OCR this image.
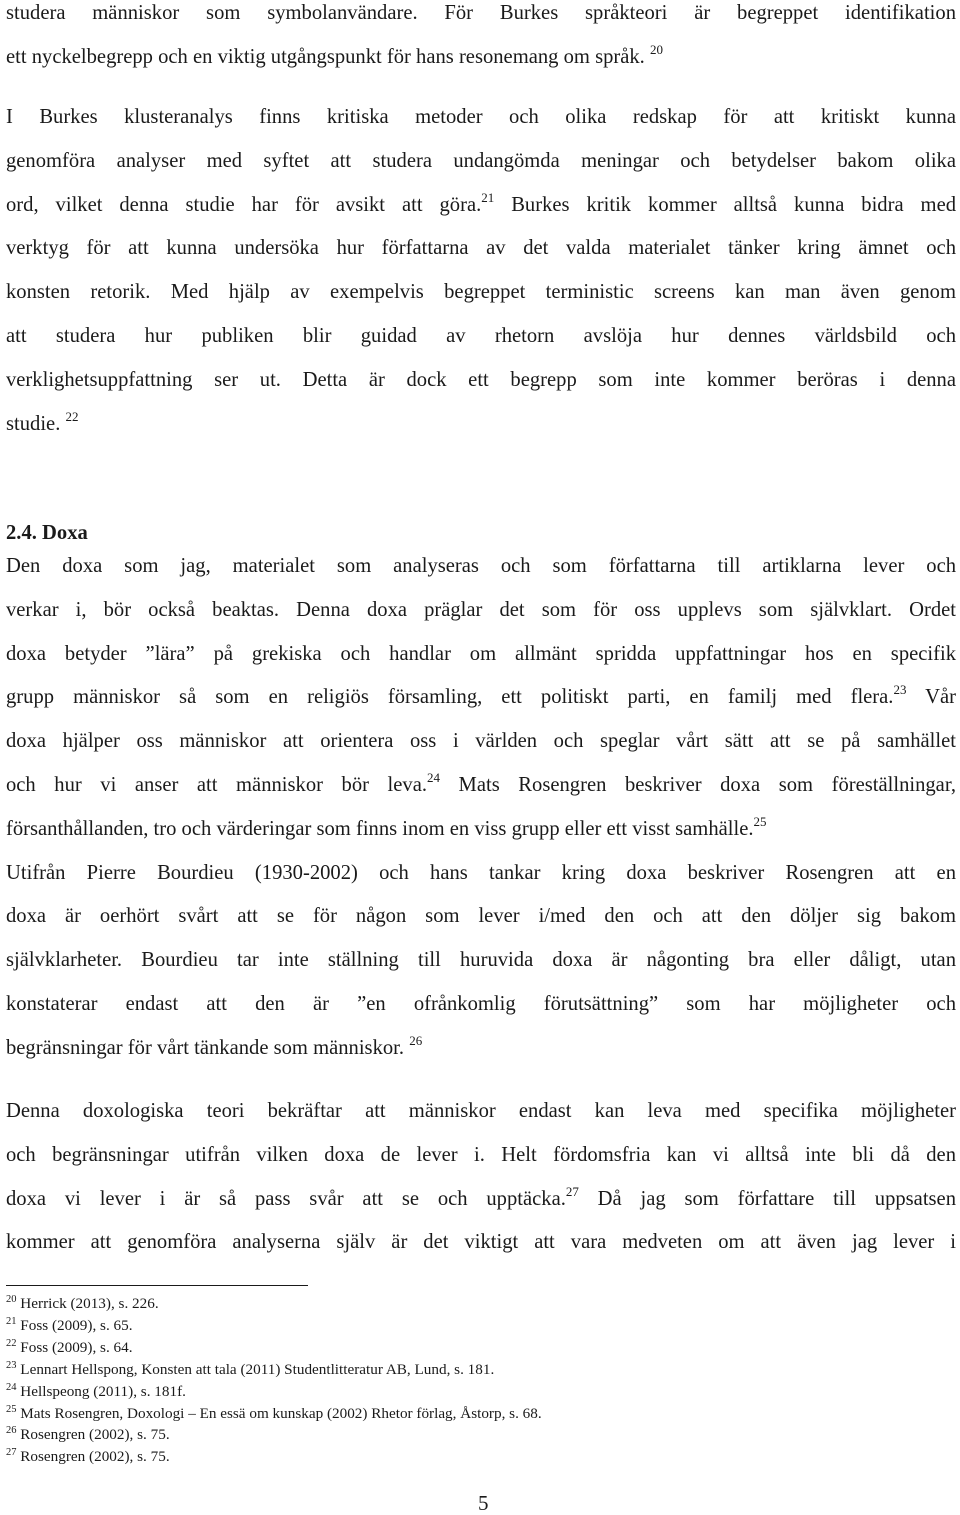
studera människor som symbolanvändare. För Burkes språkteori är begreppet identifikation
ett nyckelbegrepp och en viktig utgångspunkt för hans resonemang om språk. $^{20}$
I Burkes klusteranalys finns kritiska metoder och olika redskap för att kritiskt kunna
genomföra analyser med syftet att studera undangömda meningar och betydelser bakom olika
ord, vilket denna studie har för avsikt att göra.$^{21}$ Burkes kritik kommer alltså kunna bidra med
verktyg för att kunna undersöka hur författarna av det valda materialet tänker kring ämnet och
konsten retorik. Med hjälp av exempelvis begreppet terministic screens kan man även genom
att studera hur publiken blir guidad av rhetorn avslöja hur dennes världsbild och
verklighetsuppfattning ser ut. Detta är dock ett begrepp som inte kommer beröras i denna
studie. $^{22}$
2.4. Doxa
Den doxa som jag, materialet som analyseras och som författarna till artiklarna lever och
verkar i, bör också beaktas. Denna doxa präglar det som för oss upplevs som självklart. Ordet
doxa betyder ”lära” på grekiska och handlar om allmänt spridda uppfattningar hos en specifik
grupp människor så som en religiös församling, ett politiskt parti, en familj med flera.$^{23}$ Vår
doxa hjälper oss människor att orientera oss i världen och speglar vårt sätt att se på samhället
och hur vi anser att människor bör leva.$^{24}$ Mats Rosengren beskriver doxa som föreställningar,
försanthållanden, tro och värderingar som finns inom en viss grupp eller ett visst samhälle.$^{25}$
Utifrån Pierre Bourdieu (1930-2002) och hans tankar kring doxa beskriver Rosengren att en
doxa är oerhört svårt att se för någon som lever i/med den och att den döljer sig bakom
självklarheter. Bourdieu tar inte ställning till huruvida doxa är någonting bra eller dåligt, utan
konstaterar endast att den är ”en ofrånkomlig förutsättning” som har möjligheter och
begränsningar för vårt tänkande som människor. $^{26}$
Denna doxologiska teori bekräftar att människor endast kan leva med specifika möjligheter
och begränsningar utifrån vilken doxa de lever i. Helt fördomsfria kan vi alltså inte bli då den
doxa vi lever i är så pass svår att se och upptäcka.$^{27}$ Då jag som författare till uppsatsen
kommer att genomföra analyserna själv är det viktigt att vara medveten om att även jag lever i
$^{20}$ Herrick (2013), s. 226.
$^{21}$ Foss (2009), s. 65.
$^{22}$ Foss (2009), s. 64.
$^{23}$ Lennart Hellspong, Konsten att tala (2011) Studentlitteratur AB, Lund, s. 181.
$^{24}$ Hellspeong (2011), s. 181f.
$^{25}$ Mats Rosengren, Doxologi – En essä om kunskap (2002) Rhetor förlag, Åstorp, s. 68.
$^{26}$ Rosengren (2002), s. 75.
$^{27}$ Rosengren (2002), s. 75.
5
